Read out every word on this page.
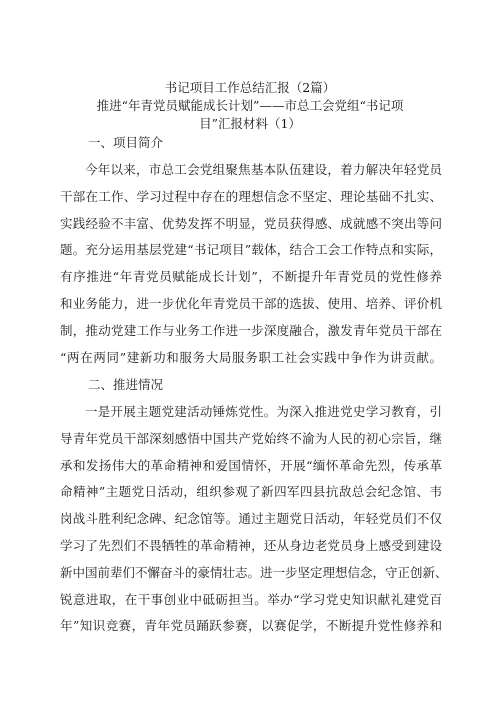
书记项目工作总结汇报（2篇）
推进“年青党员赋能成长计划”——市总工会党组“书记项
目”汇报材料（1）
一、项目简介
今年以来，市总工会党组聚焦基本队伍建设，着力解决年轻党员
干部在工作、学习过程中存在的理想信念不坚定、理论基础不扎实、
实践经验不丰富、优势发挥不明显，党员获得感、成就感不突出等问
题。充分运用基层党建“书记项目”载体，结合工会工作特点和实际，
有序推进“年青党员赋能成长计划”，不断提升年青党员的党性修养
和业务能力，进一步优化年青党员干部的选拔、使用、培养、评价机
制，推动党建工作与业务工作进一步深度融合，激发青年党员干部在
“两在两同”建新功和服务大局服务职工社会实践中争作为讲贡献。
二、推进情况
一是开展主题党建活动锤炼党性。为深入推进党史学习教育，引
导青年党员干部深刻感悟中国共产党始终不渝为人民的初心宗旨，继
承和发扬伟大的革命精神和爱国情怀，开展“缅怀革命先烈，传承革
命精神”主题党日活动，组织参观了新四军四县抗敌总会纪念馆、韦
岗战斗胜利纪念碑、纪念馆等。通过主题党日活动，年轻党员们不仅
学习了先烈们不畏牺牲的革命精神，还从身边老党员身上感受到建设
新中国前辈们不懈奋斗的豪情壮志。进一步坚定理想信念，守正创新、
锐意进取，在干事创业中砥砺担当。举办“学习党史知识献礼建党百
年”知识竞赛，青年党员踊跃参赛，以赛促学，不断提升党性修养和
